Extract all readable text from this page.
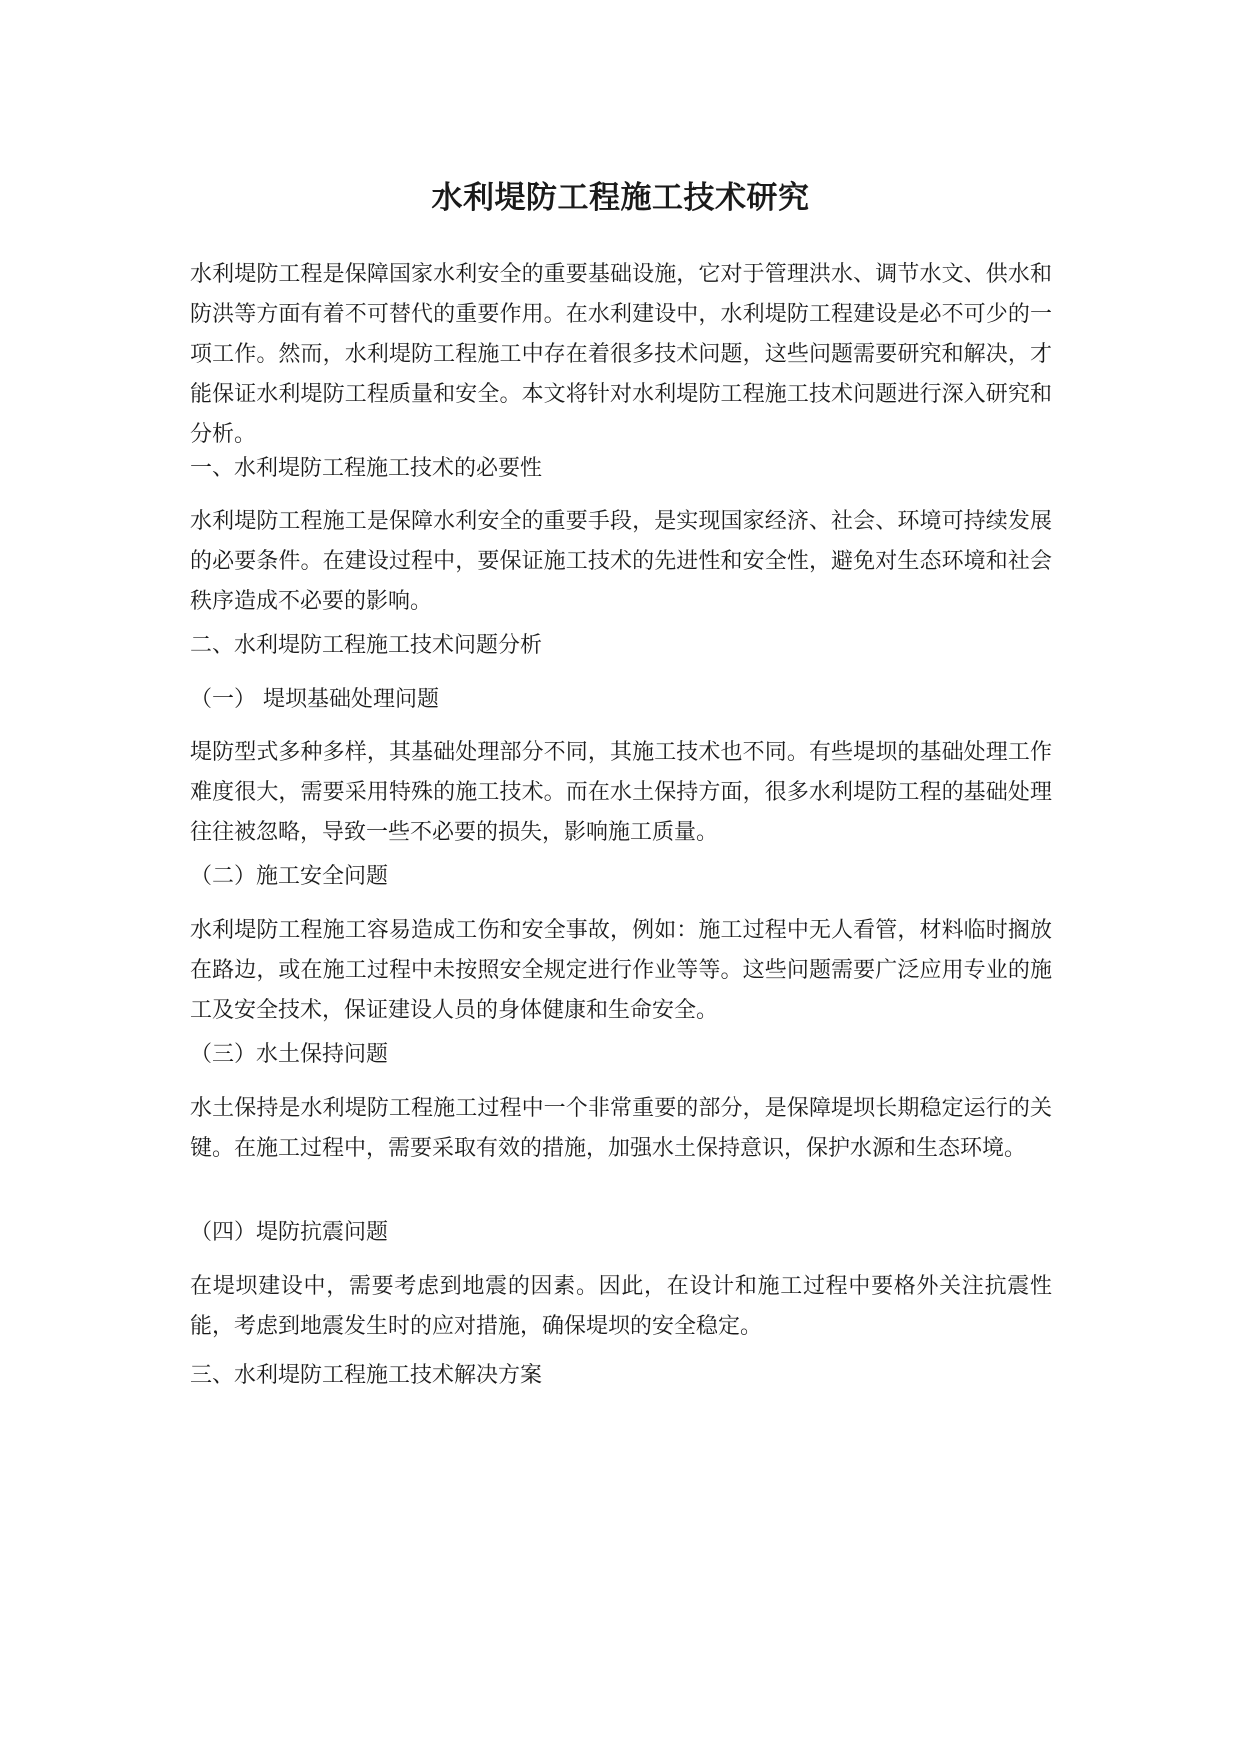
水利堤防工程施工技术研究

水利堤防工程是保障国家水利安全的重要基础设施，它对于管理洪水、调节水文、供水和防洪等方面有着不可替代的重要作用。在水利建设中，水利堤防工程建设是必不可少的一项工作。然而，水利堤防工程施工中存在着很多技术问题，这些问题需要研究和解决，才能保证水利堤防工程质量和安全。本文将针对水利堤防工程施工技术问题进行深入研究和分析。

一、水利堤防工程施工技术的必要性

水利堤防工程施工是保障水利安全的重要手段，是实现国家经济、社会、环境可持续发展的必要条件。在建设过程中，要保证施工技术的先进性和安全性，避免对生态环境和社会秩序造成不必要的影响。

二、水利堤防工程施工技术问题分析

（一） 堤坝基础处理问题

堤防型式多种多样，其基础处理部分不同，其施工技术也不同。有些堤坝的基础处理工作难度很大，需要采用特殊的施工技术。而在水土保持方面，很多水利堤防工程的基础处理往往被忽略，导致一些不必要的损失，影响施工质量。

（二）施工安全问题

水利堤防工程施工容易造成工伤和安全事故，例如：施工过程中无人看管，材料临时搁放在路边，或在施工过程中未按照安全规定进行作业等等。这些问题需要广泛应用专业的施工及安全技术，保证建设人员的身体健康和生命安全。

（三）水土保持问题

水土保持是水利堤防工程施工过程中一个非常重要的部分，是保障堤坝长期稳定运行的关键。在施工过程中，需要采取有效的措施，加强水土保持意识，保护水源和生态环境。

（四）堤防抗震问题

在堤坝建设中，需要考虑到地震的因素。因此，在设计和施工过程中要格外关注抗震性能，考虑到地震发生时的应对措施，确保堤坝的安全稳定。

三、水利堤防工程施工技术解决方案
